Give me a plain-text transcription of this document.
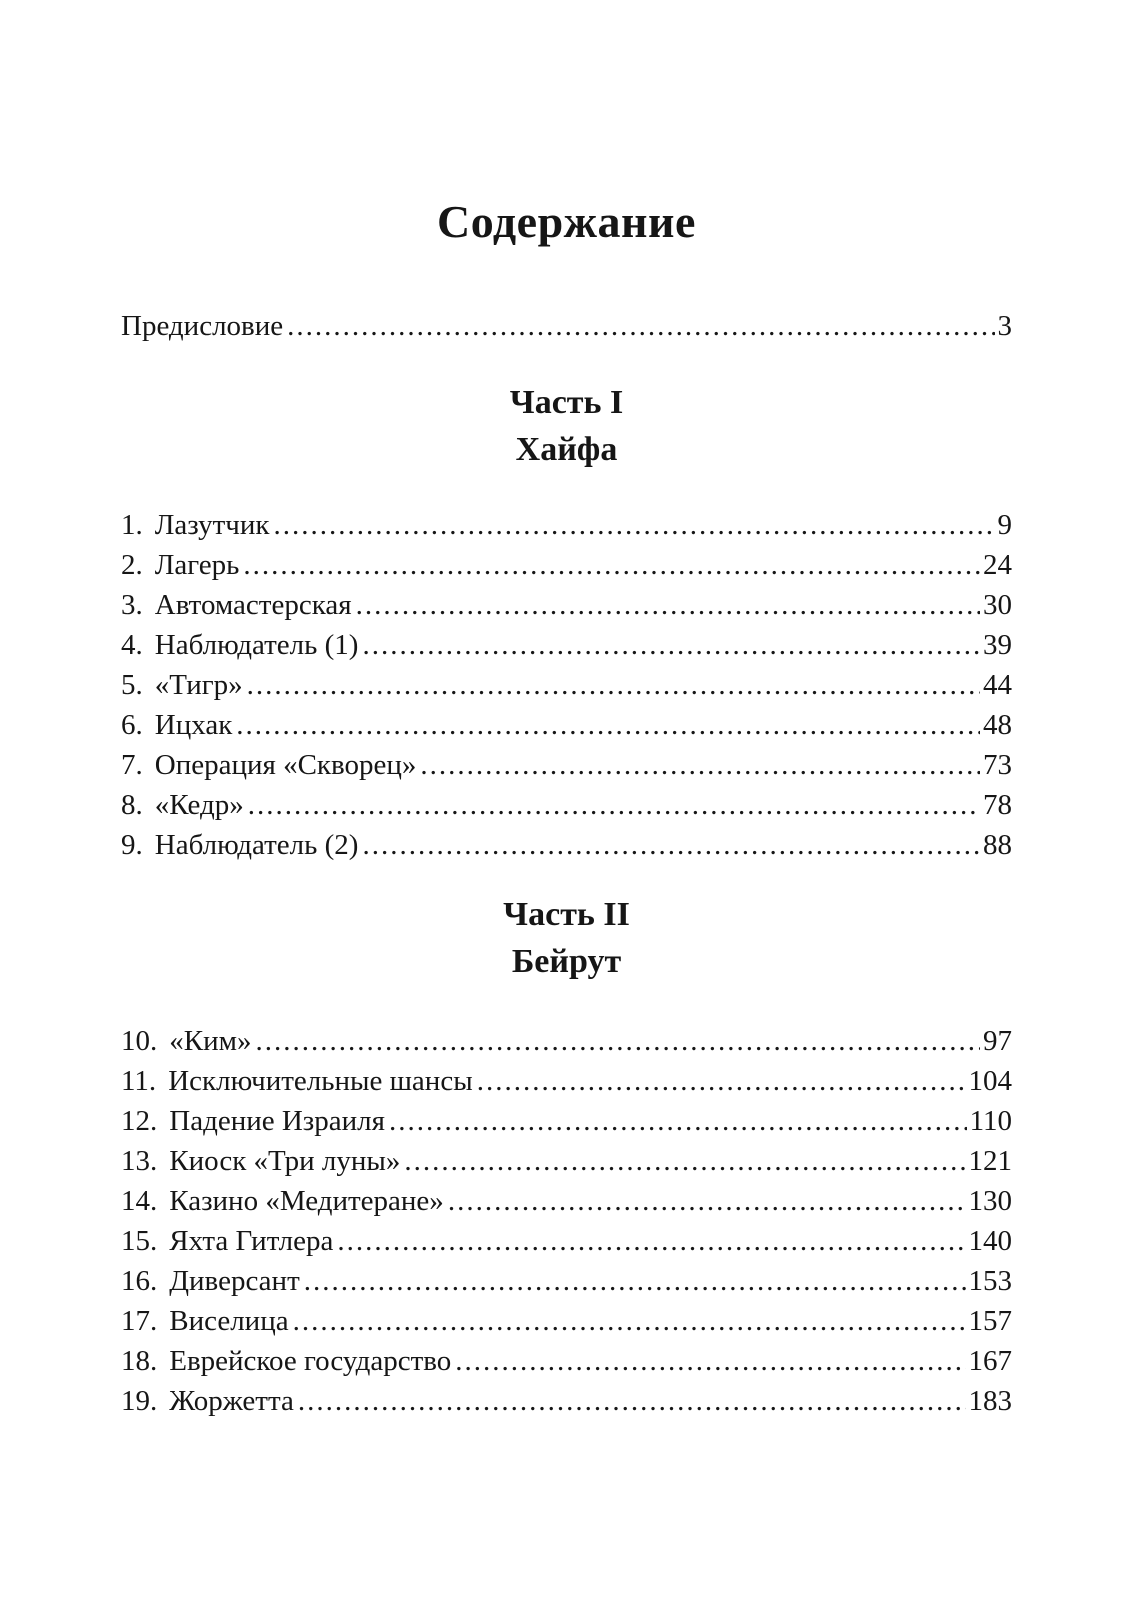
Содержание
Предисловие .....	3
Часть I
Хайфа
1. Лазутчик .....	9
2. Лагерь .....	24
3. Автомастерская .....	30
4. Наблюдатель (1) .....	39
5. «Тигр» .....	44
6. Ицхак .....	48
7. Операция «Скворец» .....	73
8. «Кедр» .....	78
9. Наблюдатель (2) .....	88
Часть II
Бейрут
10. «Ким» .....	97
11. Исключительные шансы .....	104
12. Падение Израиля .....	110
13. Киоск «Три луны» .....	121
14. Казино «Медитеране» .....	130
15. Яхта Гитлера .....	140
16. Диверсант .....	153
17. Виселица .....	157
18. Еврейское государство .....	167
19. Жоржетта .....	183
